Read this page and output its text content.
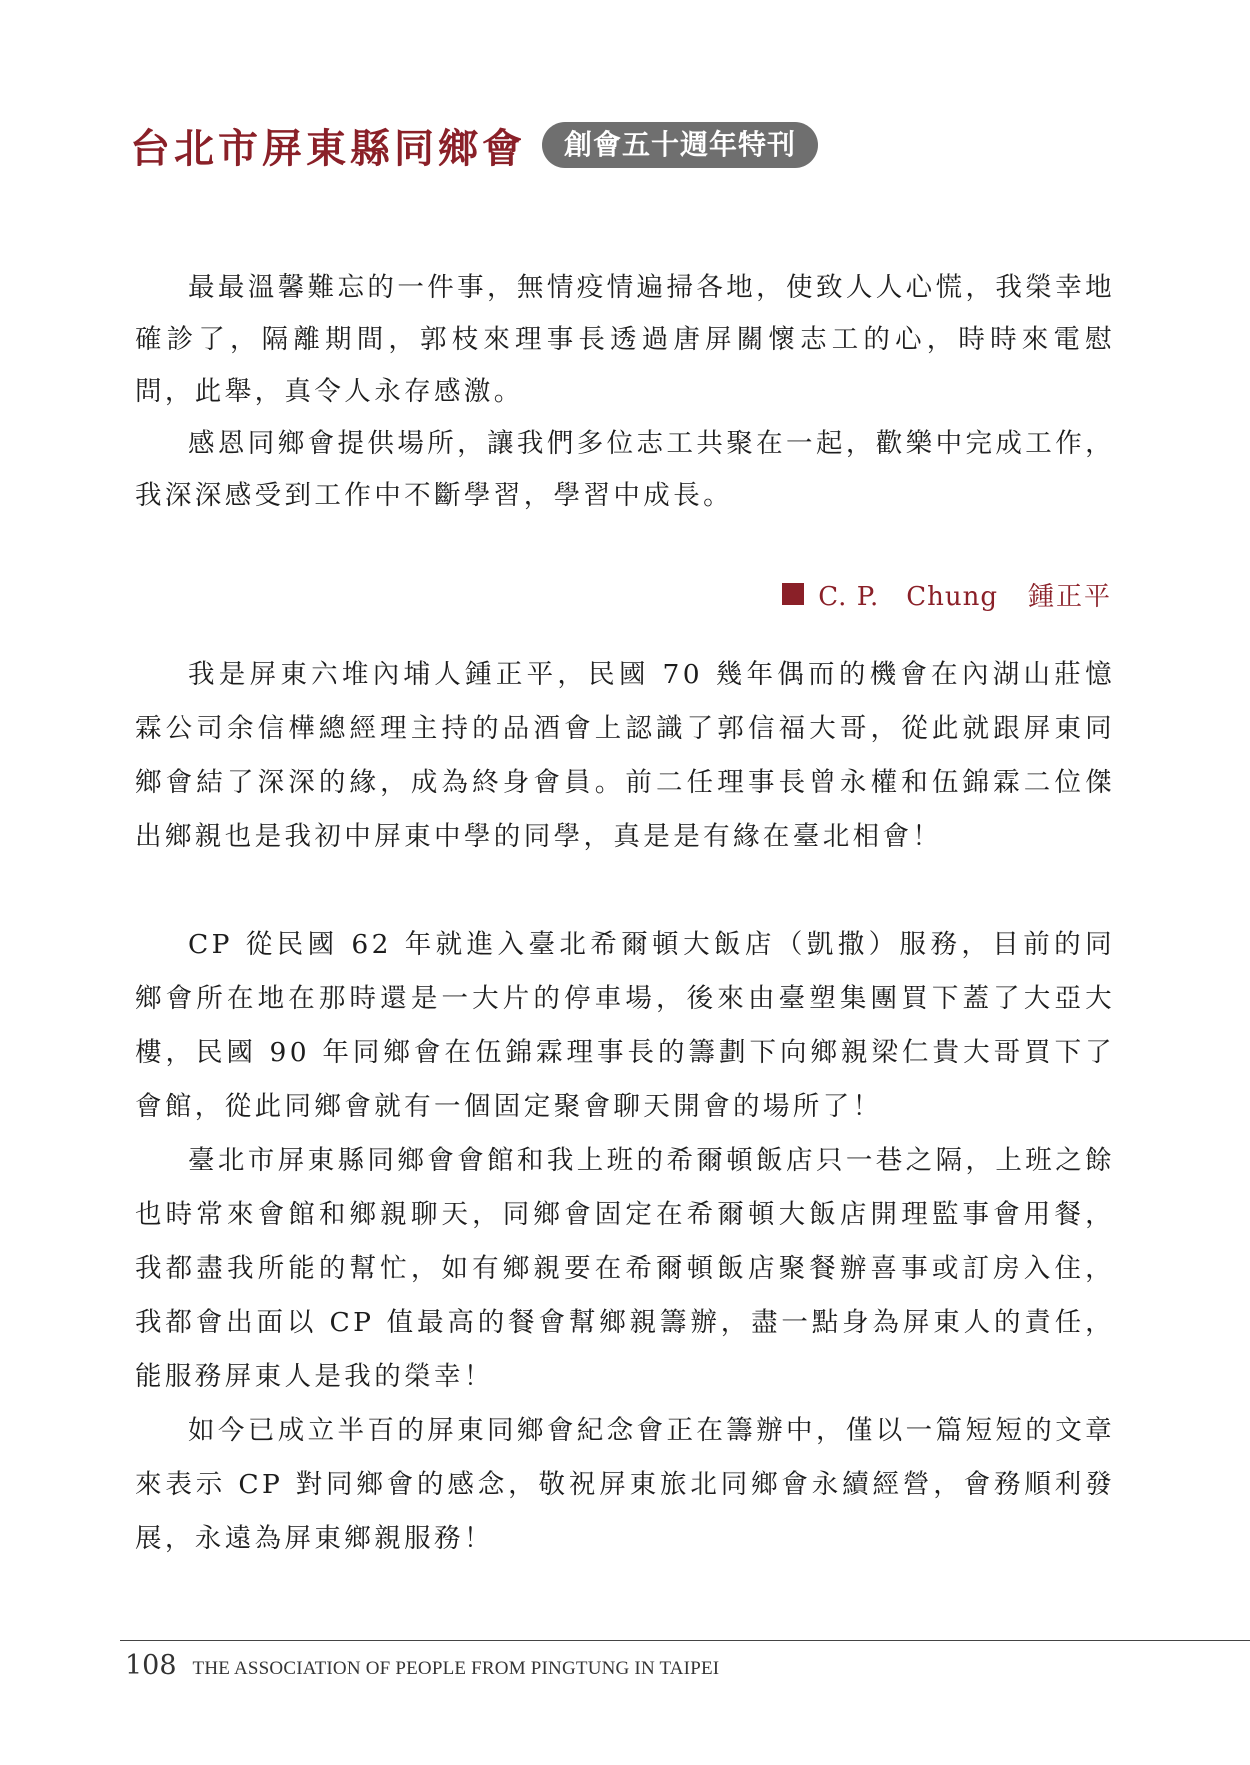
台北市屏東縣同鄉會	創會五十週年特刊

最最溫馨難忘的一件事，無情疫情遍掃各地，使致人人心慌，我榮幸地確診了，隔離期間，郭枝來理事長透過唐屏關懷志工的心，時時來電慰問，此舉，真令人永存感激。

感恩同鄉會提供場所，讓我們多位志工共聚在一起，歡樂中完成工作，我深深感受到工作中不斷學習，學習中成長。

C. P.　Chung 鍾正平

我是屏東六堆內埔人鍾正平，民國 70 幾年偶而的機會在內湖山莊憶霖公司余信樺總經理主持的品酒會上認識了郭信福大哥，從此就跟屏東同鄉會結了深深的緣，成為終身會員。前二任理事長曾永權和伍錦霖二位傑出鄉親也是我初中屏東中學的同學，真是是有緣在臺北相會！

CP 從民國 62 年就進入臺北希爾頓大飯店（凱撒）服務，目前的同鄉會所在地在那時還是一大片的停車場，後來由臺塑集團買下蓋了大亞大樓，民國 90 年同鄉會在伍錦霖理事長的籌劃下向鄉親梁仁貴大哥買下了會館，從此同鄉會就有一個固定聚會聊天開會的場所了！

臺北市屏東縣同鄉會會館和我上班的希爾頓飯店只一巷之隔，上班之餘也時常來會館和鄉親聊天，同鄉會固定在希爾頓大飯店開理監事會用餐，我都盡我所能的幫忙，如有鄉親要在希爾頓飯店聚餐辦喜事或訂房入住，我都會出面以 CP 值最高的餐會幫鄉親籌辦，盡一點身為屏東人的責任，能服務屏東人是我的榮幸！

如今已成立半百的屏東同鄉會紀念會正在籌辦中，僅以一篇短短的文章來表示 CP 對同鄉會的感念，敬祝屏東旅北同鄉會永續經營，會務順利發展，永遠為屏東鄉親服務！

108 THE ASSOCIATION OF PEOPLE FROM PINGTUNG IN TAIPEI
